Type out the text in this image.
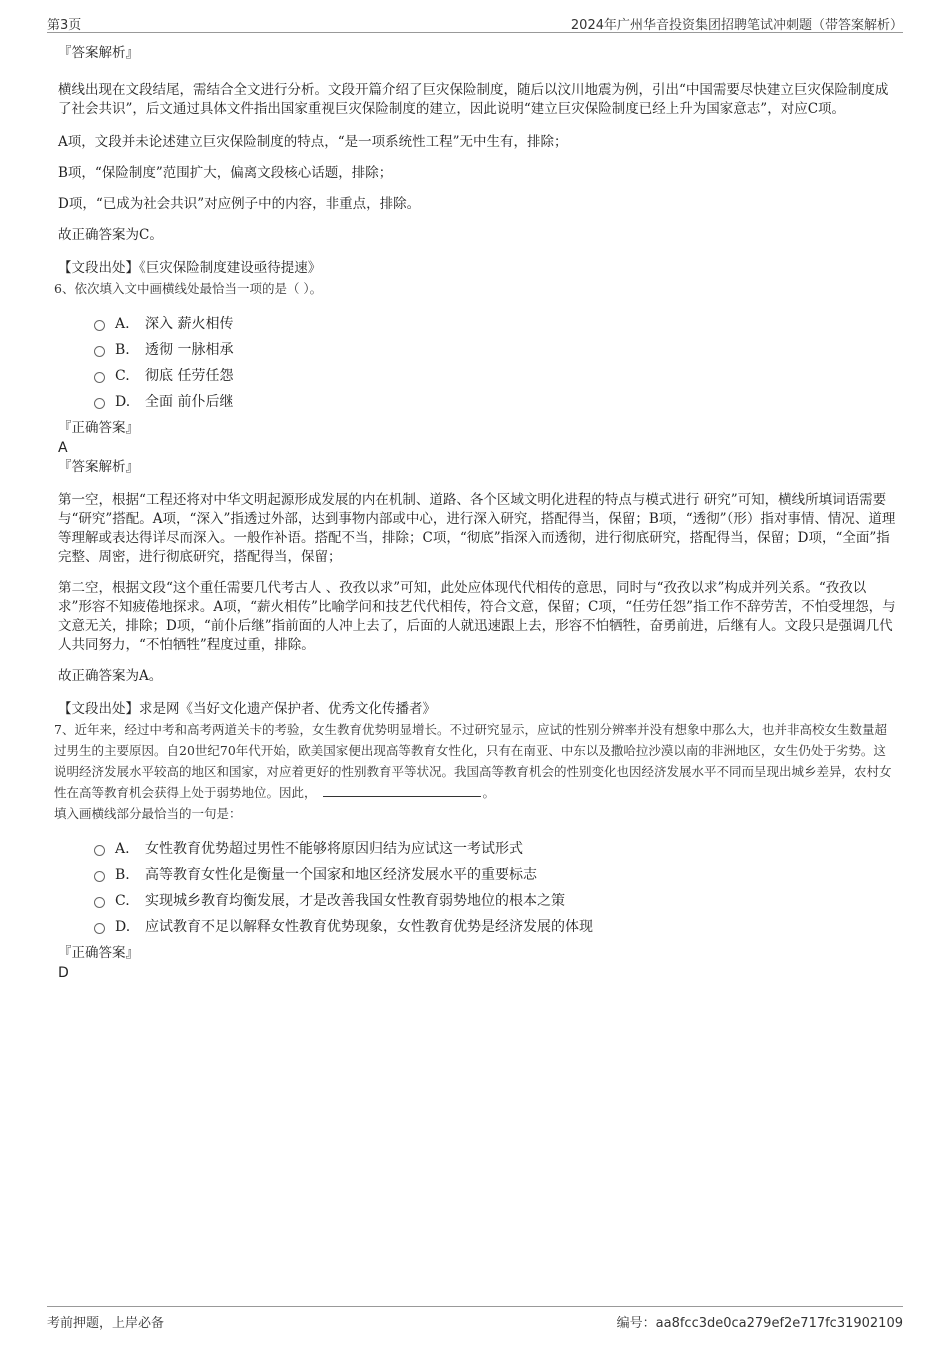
第3页	2024年广州华音投资集团招聘笔试冲刺题（带答案解析）

『答案解析』

横线出现在文段结尾，需结合全文进行分析。文段开篇介绍了巨灾保险制度，随后以汶川地震为例，引出“中国需要尽快建立巨灾保险制度成了社会共识”，后文通过具体文件指出国家重视巨灾保险制度的建立，因此说明“建立巨灾保险制度已经上升为国家意志”，对应C项。

A项，文段并未论述建立巨灾保险制度的特点，“是一项系统性工程”无中生有，排除；

B项，“保险制度”范围扩大，偏离文段核心话题，排除；

D项，“已成为社会共识”对应例子中的内容，非重点，排除。

故正确答案为C。

【文段出处】《巨灾保险制度建设亟待提速》

6、依次填入文中画横线处最恰当一项的是（ ）。

A.	深入 薪火相传
B.	透彻 一脉相承
C.	彻底 任劳任怨
D.	全面 前仆后继

『正确答案』

A

『答案解析』

第一空，根据“工程还将对中华文明起源形成发展的内在机制、道路、各个区域文明化进程的特点与模式进行 研究”可知，横线所填词语需要与“研究”搭配。A项，“深入”指透过外部，达到事物内部或中心，进行深入研究，搭配得当，保留；B项，“透彻”（形）指对事情、情况、道理等理解或表达得详尽而深入。一般作补语。搭配不当，排除；C项，“彻底”指深入而透彻，进行彻底研究，搭配得当，保留；D项，“全面”指完整、周密，进行彻底研究，搭配得当，保留；

第二空，根据文段“这个重任需要几代考古人 、孜孜以求”可知，此处应体现代代相传的意思，同时与“孜孜以求”构成并列关系。“孜孜以求”形容不知疲倦地探求。A项，“薪火相传”比喻学问和技艺代代相传，符合文意，保留；C项，“任劳任怨”指工作不辞劳苦，不怕受埋怨，与文意无关，排除；D项，“前仆后继”指前面的人冲上去了，后面的人就迅速跟上去，形容不怕牺牲，奋勇前进，后继有人。文段只是强调几代人共同努力，“不怕牺牲”程度过重，排除。

故正确答案为A。

【文段出处】求是网《当好文化遗产保护者、优秀文化传播者》

7、近年来，经过中考和高考两道关卡的考验，女生教育优势明显增长。不过研究显示，应试的性别分辨率并没有想象中那么大，也并非高校女生数量超过男生的主要原因。自20世纪70年代开始，欧美国家便出现高等教育女性化，只有在南亚、中东以及撒哈拉沙漠以南的非洲地区，女生仍处于劣势。这说明经济发展水平较高的地区和国家，对应着更好的性别教育平等状况。我国高等教育机会的性别变化也因经济发展水平不同而呈现出城乡差异，农村女性在高等教育机会获得上处于弱势地位。因此，	。

填入画横线部分最恰当的一句是：

A.	女性教育优势超过男性不能够将原因归结为应试这一考试形式
B.	高等教育女性化是衡量一个国家和地区经济发展水平的重要标志
C.	实现城乡教育均衡发展，才是改善我国女性教育弱势地位的根本之策
D.	应试教育不足以解释女性教育优势现象，女性教育优势是经济发展的体现

『正确答案』

D

考前押题，上岸必备	编号：aa8fcc3de0ca279ef2e717fc31902109
